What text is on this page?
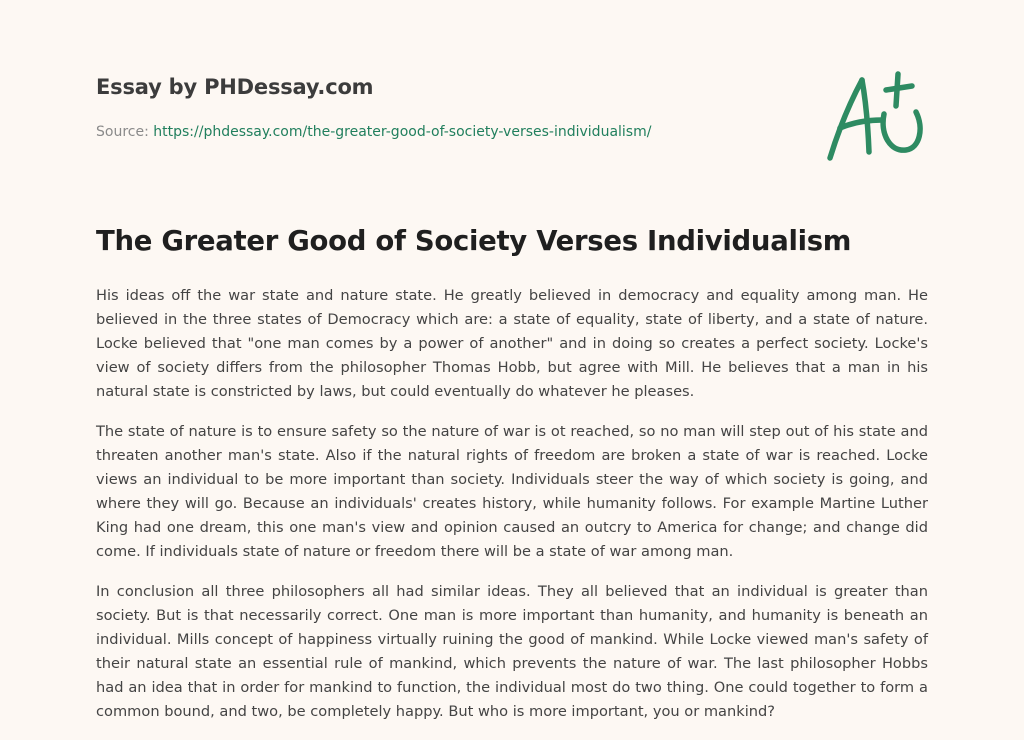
Essay by PHDessay.com
Source: https://phdessay.com/the-greater-good-of-society-verses-individualism/
The Greater Good of Society Verses Individualism

His ideas off the war state and nature state. He greatly believed in democracy and equality among man. He believed in the three states of Democracy which are: a state of equality, state of liberty, and a state of nature. Locke believed that "one man comes by a power of another" and in doing so creates a perfect society. Locke's view of society differs from the philosopher Thomas Hobb, but agree with Mill. He believes that a man in his natural state is constricted by laws, but could eventually do whatever he pleases.

The state of nature is to ensure safety so the nature of war is ot reached, so no man will step out of his state and threaten another man's state. Also if the natural rights of freedom are broken a state of war is reached. Locke views an individual to be more important than society. Individuals steer the way of which society is going, and where they will go. Because an individuals' creates history, while humanity follows. For example Martine Luther King had one dream, this one man's view and opinion caused an outcry to America for change; and change did come. If individuals state of nature or freedom there will be a state of war among man.

In conclusion all three philosophers all had similar ideas. They all believed that an individual is greater than society. But is that necessarily correct. One man is more important than humanity, and humanity is beneath an individual. Mills concept of happiness virtually ruining the good of mankind. While Locke viewed man's safety of their natural state an essential rule of mankind, which prevents the nature of war. The last philosopher Hobbs had an idea that in order for mankind to function, the individual most do two thing. One could together to form a common bound, and two, be completely happy. But who is more important, you or mankind?
